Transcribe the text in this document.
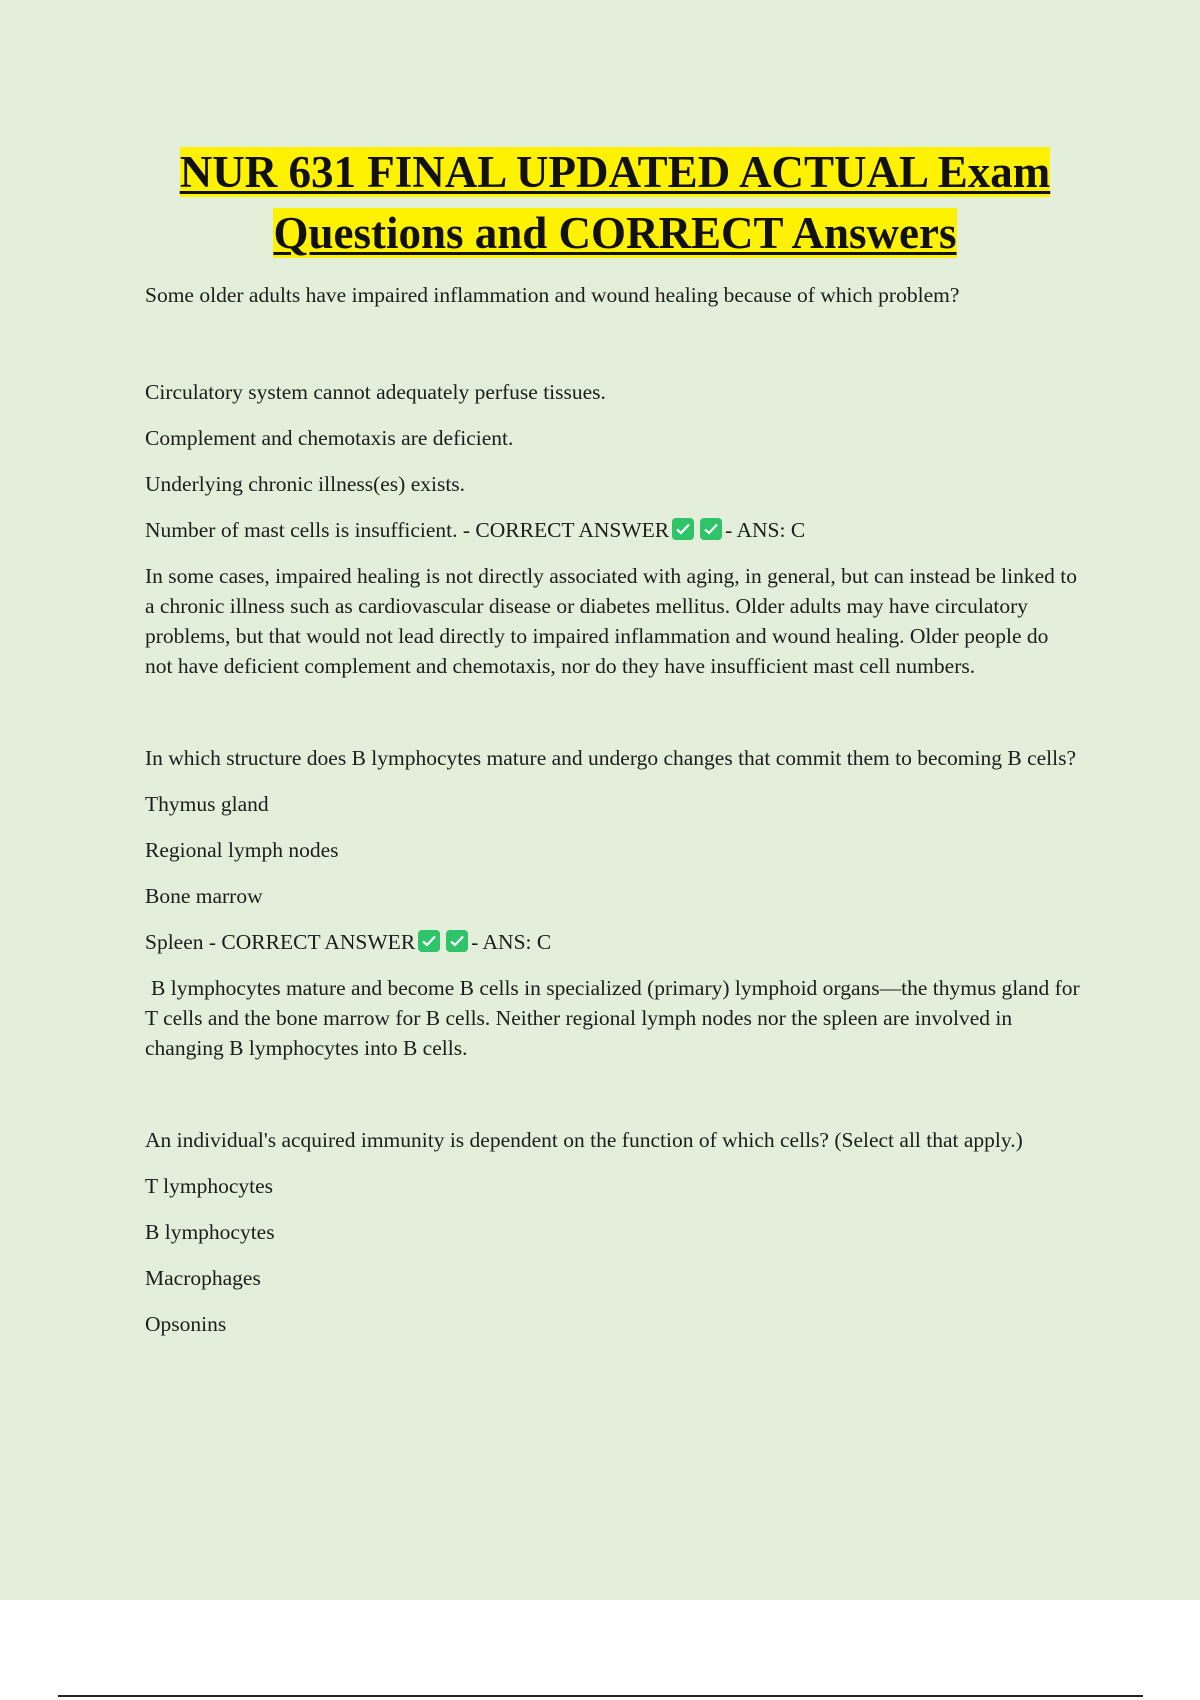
NUR 631 FINAL UPDATED ACTUAL Exam
Questions and CORRECT Answers

Some older adults have impaired inflammation and wound healing because of which problem?

Circulatory system cannot adequately perfuse tissues.

Complement and chemotaxis are deficient.

Underlying chronic illness(es) exists.

Number of mast cells is insufficient. - CORRECT ANSWER	- ANS: C

In some cases, impaired healing is not directly associated with aging, in general, but can instead be linked to a chronic illness such as cardiovascular disease or diabetes mellitus. Older adults may have circulatory problems, but that would not lead directly to impaired inflammation and wound healing. Older people do not have deficient complement and chemotaxis, nor do they have insufficient mast cell numbers.

In which structure does B lymphocytes mature and undergo changes that commit them to becoming B cells?

Thymus gland

Regional lymph nodes

Bone marrow

Spleen - CORRECT ANSWER	- ANS: C

B lymphocytes mature and become B cells in specialized (primary) lymphoid organs—the thymus gland for T cells and the bone marrow for B cells. Neither regional lymph nodes nor the spleen are involved in changing B lymphocytes into B cells.

An individual's acquired immunity is dependent on the function of which cells? (Select all that apply.)

T lymphocytes

B lymphocytes

Macrophages

Opsonins
